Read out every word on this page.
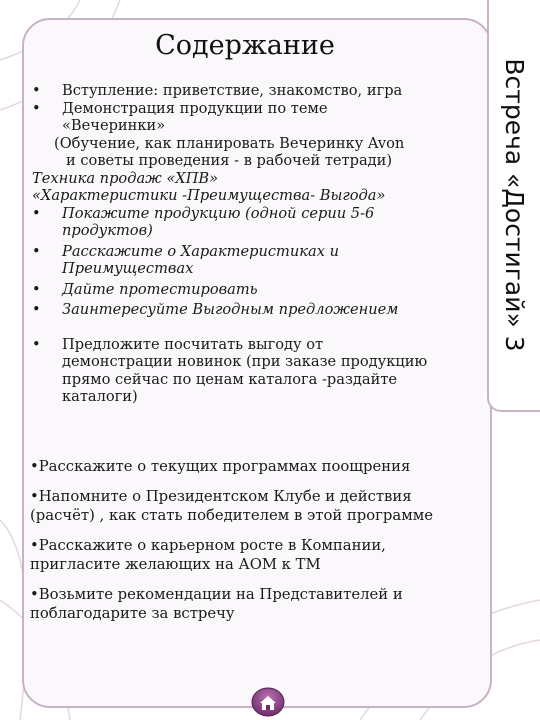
Встреча «Достигай» 3
Содержание
• Вступление: приветствие, знакомство, игра
• Демонстрация продукции по теме
«Вечеринки»
(Обучение, как планировать Вечеринку Avon
и советы проведения - в рабочей тетради)
Техника продаж «ХПВ»
«Характеристики -Преимущества- Выгода»
• Покажите продукцию (одной серии 5-6
продуктов)
• Расскажите о Характеристиках и
Преимуществах
• Дайте протестировать
• Заинтересуйте Выгодным предложением
• Предложите посчитать выгоду от
демонстрации новинок (при заказе продукцию
прямо сейчас по ценам каталога -раздайте
каталоги)

•Расскажите о текущих программах поощрения

•Напомните о Президентском Клубе и действия
(расчёт) , как стать победителем в этой программе

•Расскажите о карьерном росте в Компании,
пригласите желающих на АОМ к ТМ

•Возьмите рекомендации на Представителей и
поблагодарите за встречу
